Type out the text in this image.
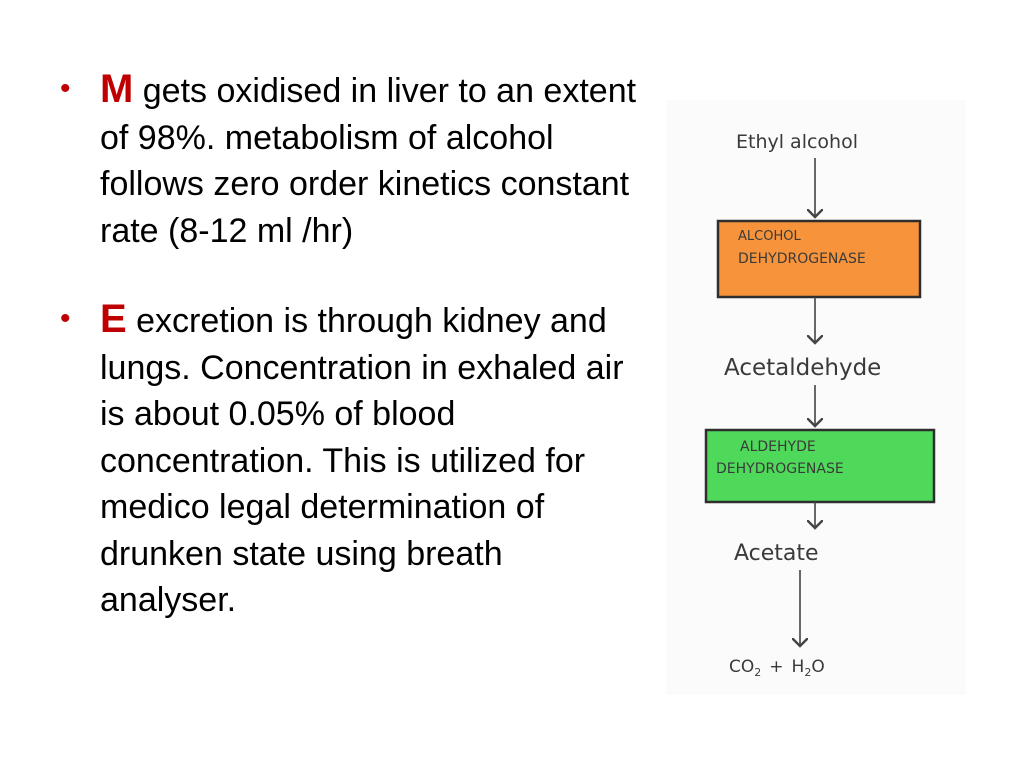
• M gets oxidised in liver to an extent of 98%. metabolism of alcohol follows zero order kinetics constant rate (8-12 ml /hr)
• E excretion is through kidney and lungs. Concentration in exhaled air is about 0.05% of blood concentration. This is utilized for medico legal determination of drunken state using breath analyser.
Ethyl alcohol
ALCOHOL
DEHYDROGENASE
Acetaldehyde
ALDEHYDE
DEHYDROGENASE
Acetate
$CO_2 + H_2O$
